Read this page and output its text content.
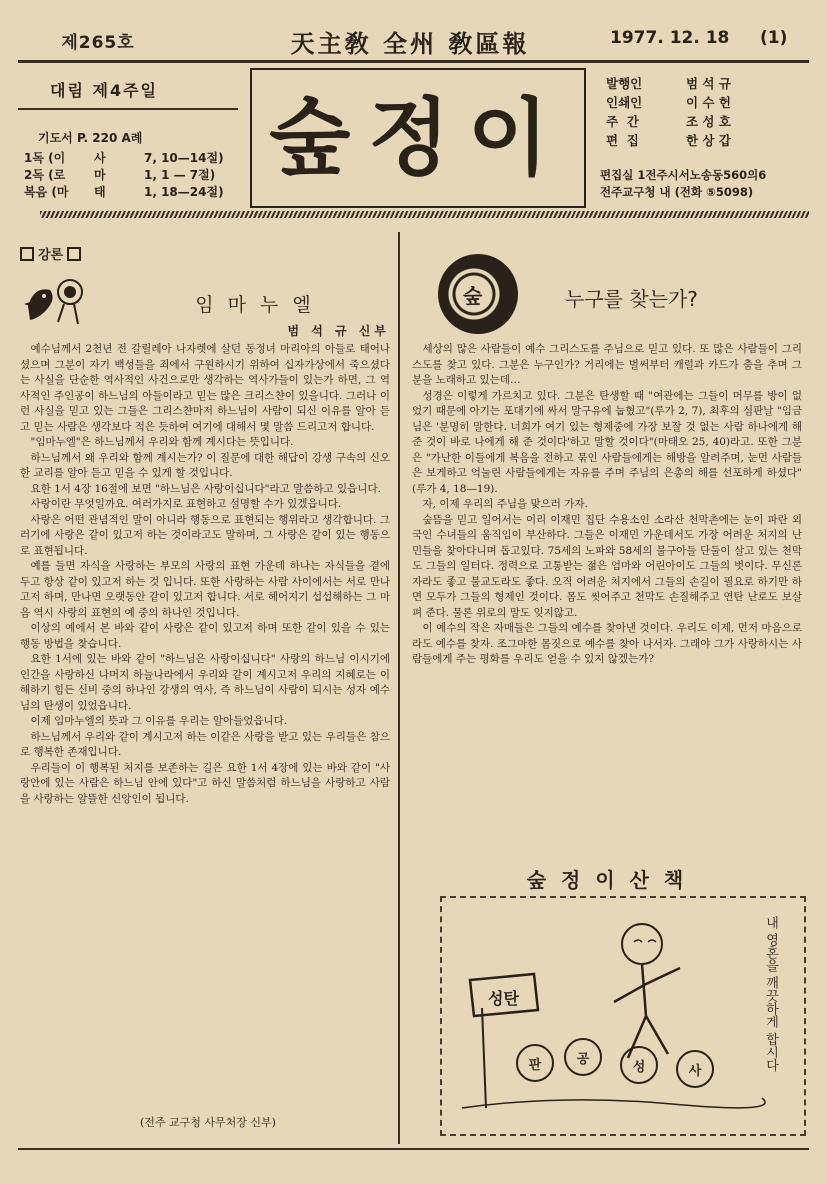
제265호	天主敎 全州 敎區報	1977. 12. 18 (1)
대림 제4주일
기도서 P. 220 A례
1독 (이	사	7, 10—14절)
2독 (로	마	1, 1 — 7절)
복음 (마	태	1, 18—24절)
숲정이
발행인	범 석 규
인쇄인	이 수 헌
주  간	조 성 호
편  집	한 상 갑
편집실 1전주시서노송동560의6
전주교구청 내 (전화 ⑤5098)
강론
임 마 누 엘
범 석 규 신부

예수님께서 2천년 전 갈릴레아 나자렛에 살던 동정녀 마리아의 아들로 태어나셨으며 그분이 자기 백성들을 죄에서 구원하시기 위하여 십자가상에서 죽으셨다는 사실을 단순한 역사적인 사건으로만 생각하는 역사가들이 있는가 하면, 그 역사적인 주인공이 하느님의 아들이라고 믿는 많은 크리스챤이 있을니다. 그러나 이런 사실을 믿고 있는 그들은 그리스챤마저 하느님이 사람이 되신 이유를 알아 듣고 믿는 사람은 생각보다 적은 듯하여 여기에 대해서 몇 말씀 드리고저 합니다.

"임마누엘"은 하느님께서 우리와 함께 계시다는 뜻입니다.

하느님께서 왜 우리와 함께 계시는가? 이 질문에 대한 해답이 강생 구속의 신오한 교리를 알아 듣고 믿을 수 있게 할 것입니다.

요한 1서 4장 16절에 보면 "하느님은 사랑이십니다"라고 말씀하고 있읍니다.

사랑이란 무엇일까요. 여러가지로 표현하고 설명할 수가 있겠읍니다.

사랑은 어떤 관념적인 말이 아니라 행동으로 표현되는 행위라고 생각합니다. 그러기에 사랑은 같이 있고저 하는 것이라고도 말하며, 그 사랑은 같이 있는 행동으로 표현됩니다.

예를 들면 자식을 사랑하는 부모의 사랑의 표현 가운데 하나는 자식들을 곁에 두고 항상 같이 있고저 하는 것 입니다. 또한 사랑하는 사람 사이에서는 서로 만나고저 하며, 만나면 오랫동안 같이 있고저 합니다. 서로 헤어지기 섭섭해하는 그 마음 역시 사랑의 표현의 예 중의 하나인 것입니다.

이상의 예에서 본 바와 같이 사랑은 같이 있고저 하며 또한 같이 있을 수 있는 행동 방법을 찾습니다.

요한 1서에 있는 바와 같이 "하느님은 사랑이십니다" 사랑의 하느님 이시기에 인간을 사랑하신 나머지 하늘나라에서 우리와 같이 계시고저 우리의 지혜로는 이해하기 힘든 신비 중의 하나인 강생의 역사, 즉 하느님이 사람이 되시는 성자 예수님의 탄생이 있었읍니다.

이제 임마누엘의 뜻과 그 이유를 우리는 알아들었읍니다.

하느님께서 우리와 같이 계시고저 하는 이같은 사랑을 받고 있는 우리들은 참으로 행복한 존재입니다.

우리들이 이 행복된 처지를 보존하는 길은 요한 1서 4장에 있는 바와 같이 "사랑안에 있는 사람은 하느님 안에 있다"고 하신 말씀처럼 하느님을 사랑하고 사람을 사랑하는 알뜰한 신앙인이 됩니다.

(전주 교구청 사무처장 신부)
숲	누구를 찾는가?

세상의 많은 사람들이 예수 그리스도를 주님으로 믿고 있다. 또 많은 사람들이 그리스도를 찾고 있다. 그분은 누구인가? 거리에는 벌써부터 캐럴과 카드가 춤을 추며 그분을 노래하고 있는데…

성경은 이렇게 가르치고 있다. 그분은 탄생할 때 "여관에는 그들이 머무를 방이 없었기 때문에 아기는 포대기에 싸서 말구유에 눕혔고"(루가 2, 7), 최후의 심판날 "임금님은 '분명히 말한다. 너희가 여기 있는 형제중에 가장 보잘 것 없는 사람 하나에게 해 준 것이 바로 나에게 해 준 것이다'하고 말할 것이다"(마태오 25, 40)라고. 또한 그분은 "가난한 이들에게 복음을 전하고 묶인 사람들에게는 해방을 알려주며, 눈먼 사람들은 보게하고 억눌린 사람들에게는 자유를 주며 주님의 은총의 해를 선포하게 하셨다"(루가 4, 18—19).

자, 이제 우리의 주님을 맞으러 가자.

숲뜸을 믿고 일어서는 이리 이재민 집단 수용소인 소라산 천막촌에는 눈이 파란 외국인 수녀들의 움직임이 부산하다. 그들은 이재민 가운데서도 가장 어려운 처지의 난민들을 찾아다니며 돕고있다. 75세의 노파와 58세의 불구아들 단둘이 살고 있는 천막도 그들의 일터다. 정력으로 고통받는 젊은 엄마와 어린아이도 그들의 벗이다. 무신론자라도 좋고 불교도라도 좋다. 오직 어려운 처지에서 그들의 손길이 필요로 하기만 하면 모두가 그들의 형제인 것이다. 몸도 씻어주고 천막도 손질해주고 연탄 난로도 보살펴 준다. 물론 위로의 말도 잊지않고.

이 예수의 작은 자매들은 그들의 예수를 찾아낸 것이다. 우리도 이제, 먼저 마음으로라도 예수를 찾자. 조그마한 몸짓으로 예수를 찾아 나서자. 그래야 그가 사랑하시는 사람들에게 주는 평화를 우리도 얻을 수 있지 않겠는가?

숲 정 이 산 책
성탄
판	공
성	사	내 영혼을 깨끗하게 합시다
